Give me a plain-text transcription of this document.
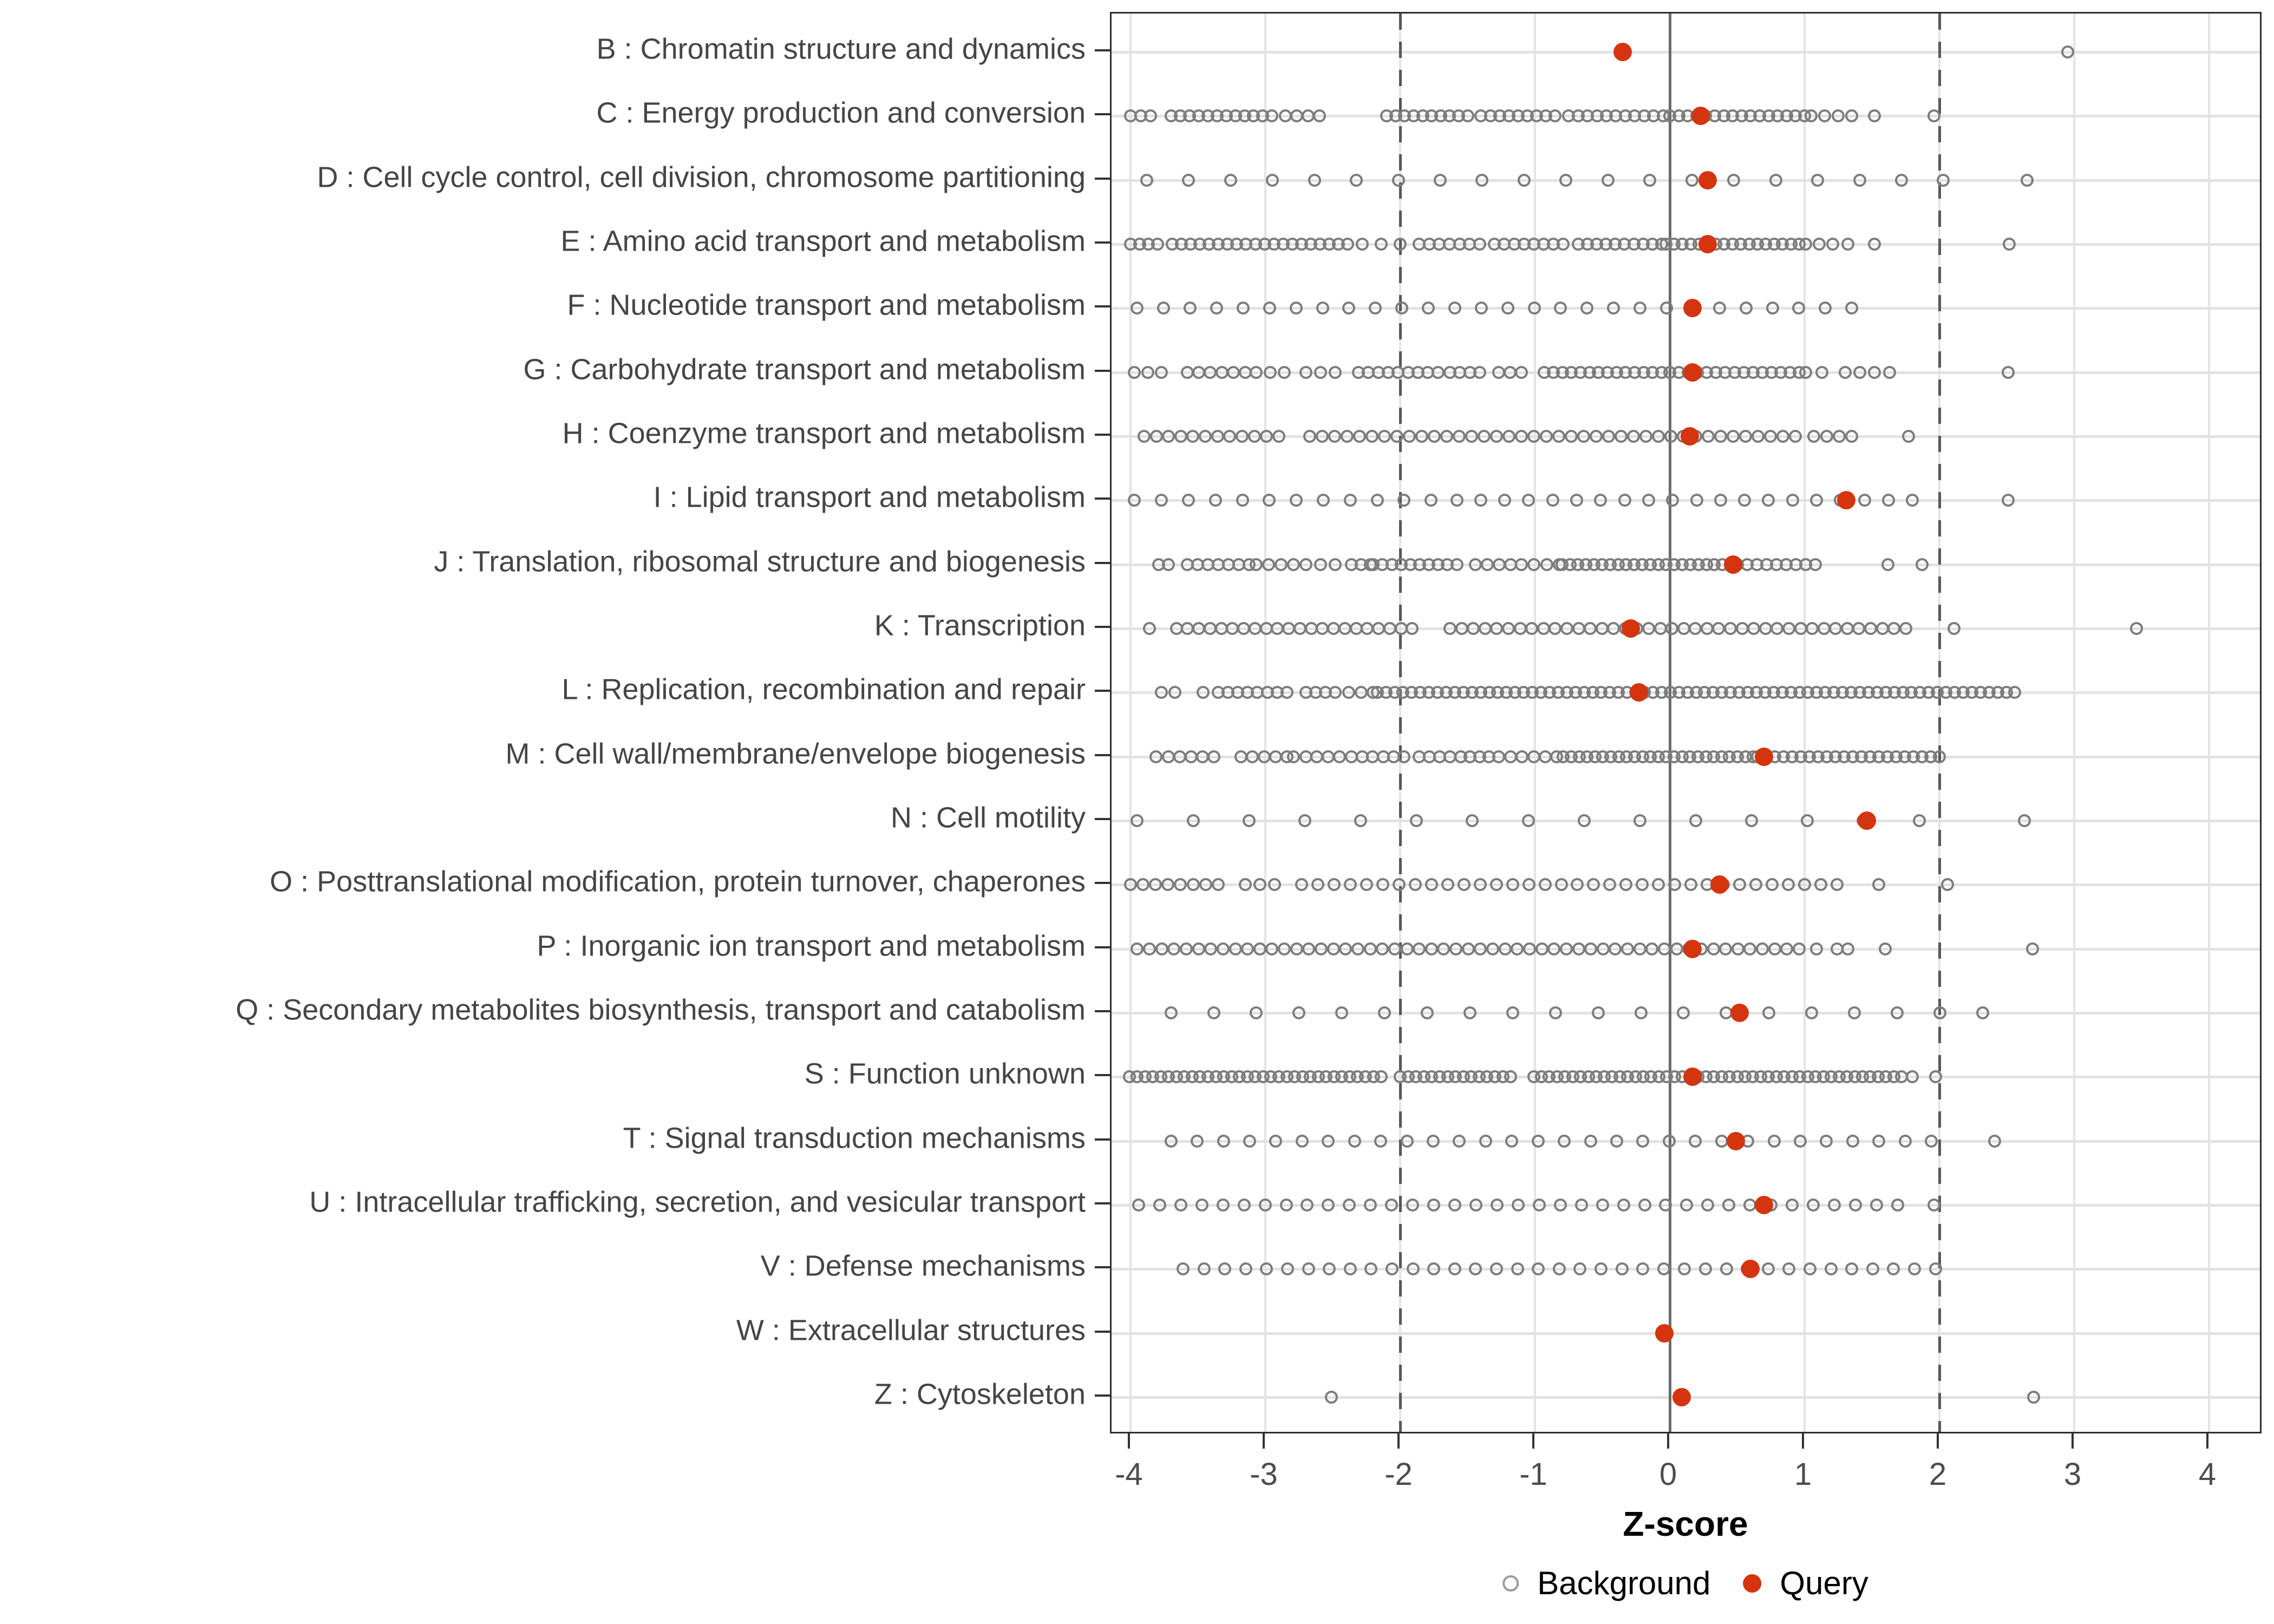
Z-score
Background Query
B : Chromatin structure and dynamics
C : Energy production and conversion
D : Cell cycle control, cell division, chromosome partitioning
E : Amino acid transport and metabolism
F : Nucleotide transport and metabolism
G : Carbohydrate transport and metabolism
H : Coenzyme transport and metabolism
I : Lipid transport and metabolism
J : Translation, ribosomal structure and biogenesis
K : Transcription
L : Replication, recombination and repair
M : Cell wall/membrane/envelope biogenesis
N : Cell motility
O : Posttranslational modification, protein turnover, chaperones
P : Inorganic ion transport and metabolism
Q : Secondary metabolites biosynthesis, transport and catabolism
S : Function unknown
T : Signal transduction mechanisms
U : Intracellular trafficking, secretion, and vesicular transport
V : Defense mechanisms
W : Extracellular structures
Z : Cytoskeleton
-4	-3	-2	-1	0	1	2	3	4
